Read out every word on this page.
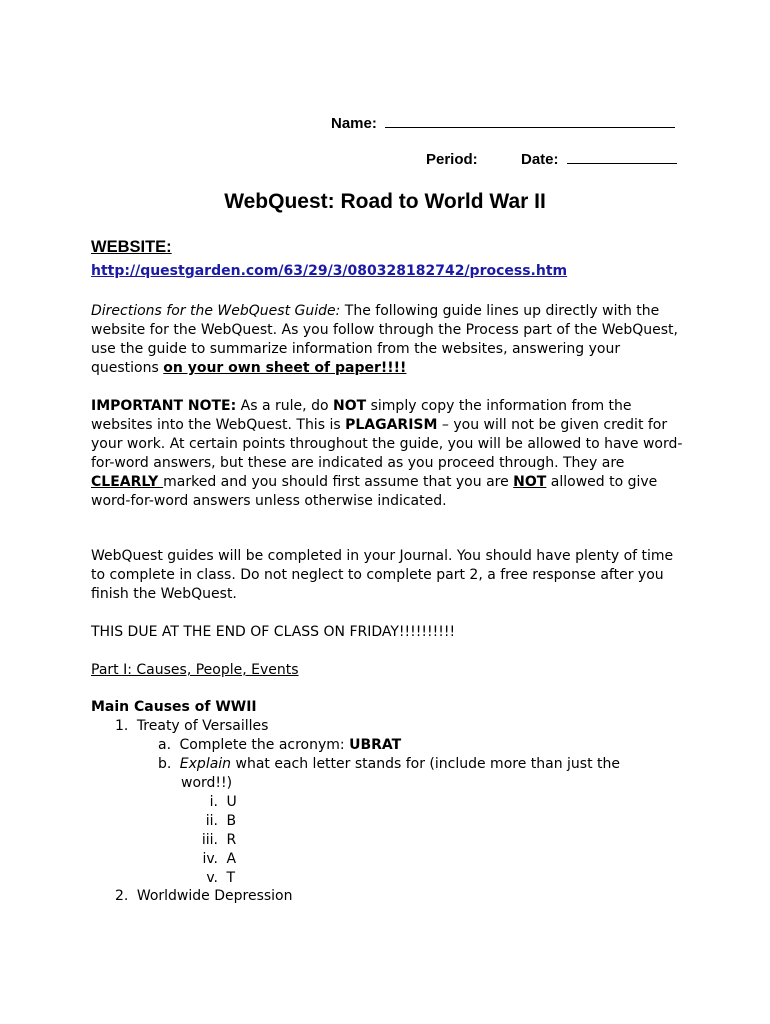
Name:
Period:	Date:
WebQuest: Road to World War II
WEBSITE:
http://questgarden.com/63/29/3/080328182742/process.htm
Directions for the WebQuest Guide: The following guide lines up directly with the website for the WebQuest. As you follow through the Process part of the WebQuest, use the guide to summarize information from the websites, answering your questions on your own sheet of paper!!!!
IMPORTANT NOTE: As a rule, do NOT simply copy the information from the websites into the WebQuest. This is PLAGARISM – you will not be given credit for your work. At certain points throughout the guide, you will be allowed to have word-for-word answers, but these are indicated as you proceed through. They are CLEARLY marked and you should first assume that you are NOT allowed to give word-for-word answers unless otherwise indicated.
WebQuest guides will be completed in your Journal. You should have plenty of time to complete in class. Do not neglect to complete part 2, a free response after you finish the WebQuest.
THIS DUE AT THE END OF CLASS ON FRIDAY!!!!!!!!!!
Part I: Causes, People, Events
Main Causes of WWII
1. Treaty of Versailles
a. Complete the acronym: UBRAT
b. Explain what each letter stands for (include more than just the
word!!)
i. U
ii. B
iii. R
iv. A
v. T
2. Worldwide Depression
